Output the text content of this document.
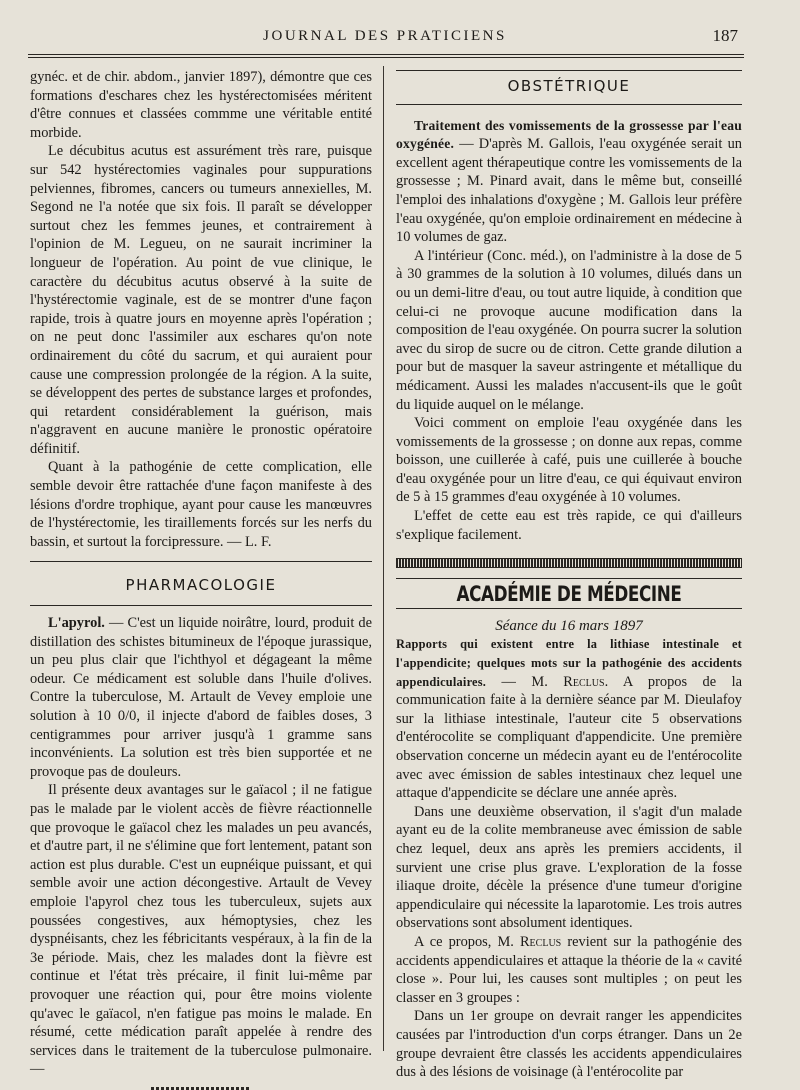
JOURNAL DES PRATICIENS	187

gynéc. et de chir. abdom., janvier 1897), démontre que ces formations d'eschares chez les hystérectomisées méritent d'être connues et classées commme une véritable entité morbide.

Le décubitus acutus est assurément très rare, puisque sur 542 hystérectomies vaginales pour suppurations pelviennes, fibromes, cancers ou tumeurs annexielles, M. Segond ne l'a notée que six fois. Il paraît se développer surtout chez les femmes jeunes, et contrairement à l'opinion de M. Legueu, on ne saurait incriminer la longueur de l'opération. Au point de vue clinique, le caractère du décubitus acutus observé à la suite de l'hystérectomie vaginale, est de se montrer d'une façon rapide, trois à quatre jours en moyenne après l'opération ; on ne peut donc l'assimiler aux eschares qu'on note ordinairement du côté du sacrum, et qui auraient pour cause une compression prolongée de la région. A la suite, se développent des pertes de substance larges et profondes, qui retardent considérablement la guérison, mais n'aggravent en aucune manière le pronostic opératoire définitif.

Quant à la pathogénie de cette complication, elle semble devoir être rattachée d'une façon manifeste à des lésions d'ordre trophique, ayant pour cause les manœuvres de l'hystérectomie, les tiraillements forcés sur les nerfs du bassin, et surtout la forcipressure. — L. F.

PHARMACOLOGIE

L'apyrol. — C'est un liquide noirâtre, lourd, produit de distillation des schistes bitumineux de l'époque jurassique, un peu plus clair que l'ichthyol et dégageant la même odeur. Ce médicament est soluble dans l'huile d'olives. Contre la tuberculose, M. Artault de Vevey emploie une solution à 10 0/0, il injecte d'abord de faibles doses, 3 centigrammes pour arriver jusqu'à 1 gramme sans inconvénients. La solution est très bien supportée et ne provoque pas de douleurs.

Il présente deux avantages sur le gaïacol ; il ne fatigue pas le malade par le violent accès de fièvre réactionnelle que provoque le gaïacol chez les malades un peu avancés, et d'autre part, il ne s'élimine que fort lentement, patant son action est plus durable. C'est un eupnéique puissant, et qui semble avoir une action décongestive. Artault de Vevey emploie l'apyrol chez tous les tuberculeux, sujets aux poussées congestives, aux hémoptysies, chez les dyspnéisants, chez les fébricitants vespéraux, à la fin de la 3e période. Mais, chez les malades dont la fièvre est continue et l'état très précaire, il finit lui-même par provoquer une réaction qui, pour être moins violente qu'avec le gaïacol, n'en fatigue pas moins le malade. En résumé, cette médication paraît appelée à rendre des services dans le traitement de la tuberculose pulmonaire. —

OBSTÉTRIQUE

Traitement des vomissements de la grossesse par l'eau oxygénée. — D'après M. Gallois, l'eau oxygénée serait un excellent agent thérapeutique contre les vomissements de la grossesse ; M. Pinard avait, dans le même but, conseillé l'emploi des inhalations d'oxygène ; M. Gallois leur préfère l'eau oxygénée, qu'on emploie ordinairement en médecine à 10 volumes de gaz.

A l'intérieur (Conc. méd.), on l'administre à la dose de 5 à 30 grammes de la solution à 10 volumes, dilués dans un ou un demi-litre d'eau, ou tout autre liquide, à condition que celui-ci ne provoque aucune modification dans la composition de l'eau oxygénée. On pourra sucrer la solution avec du sirop de sucre ou de citron. Cette grande dilution a pour but de masquer la saveur astringente et métallique du médicament. Aussi les malades n'accusent-ils que le goût du liquide auquel on le mélange.

Voici comment on emploie l'eau oxygénée dans les vomissements de la grossesse ; on donne aux repas, comme boisson, une cuillerée à café, puis une cuillerée à bouche d'eau oxygénée pour un litre d'eau, ce qui équivaut environ de 5 à 15 grammes d'eau oxygénée à 10 volumes.

L'effet de cette eau est très rapide, ce qui d'ailleurs s'explique facilement.

ACADÉMIE DE MÉDECINE
Séance du 16 mars 1897

Rapports qui existent entre la lithiase intestinale et l'appendicite; quelques mots sur la pathogénie des accidents appendiculaires. — M. Reclus. A propos de la communication faite à la dernière séance par M. Dieulafoy sur la lithiase intestinale, l'auteur cite 5 observations d'entérocolite se compliquant d'appendicite. Une première observation concerne un médecin ayant eu de l'entérocolite avec avec émission de sables intestinaux chez lequel une attaque d'appendicite se déclare une année après.

Dans une deuxième observation, il s'agit d'un malade ayant eu de la colite membraneuse avec émission de sable chez lequel, deux ans après les premiers accidents, il survient une crise plus grave. L'exploration de la fosse iliaque droite, décèle la présence d'une tumeur d'origine appendiculaire qui nécessite la laparotomie. Les trois autres observations sont absolument identiques.

A ce propos, M. Reclus revient sur la pathogénie des accidents appendiculaires et attaque la théorie de la « cavité close ». Pour lui, les causes sont multiples ; on peut les classer en 3 groupes :

Dans un 1er groupe on devrait ranger les appendicites causées par l'introduction d'un corps étranger. Dans un 2e groupe devraient être classés les accidents appendiculaires dus à des lésions de voisinage (à l'entérocolite par
